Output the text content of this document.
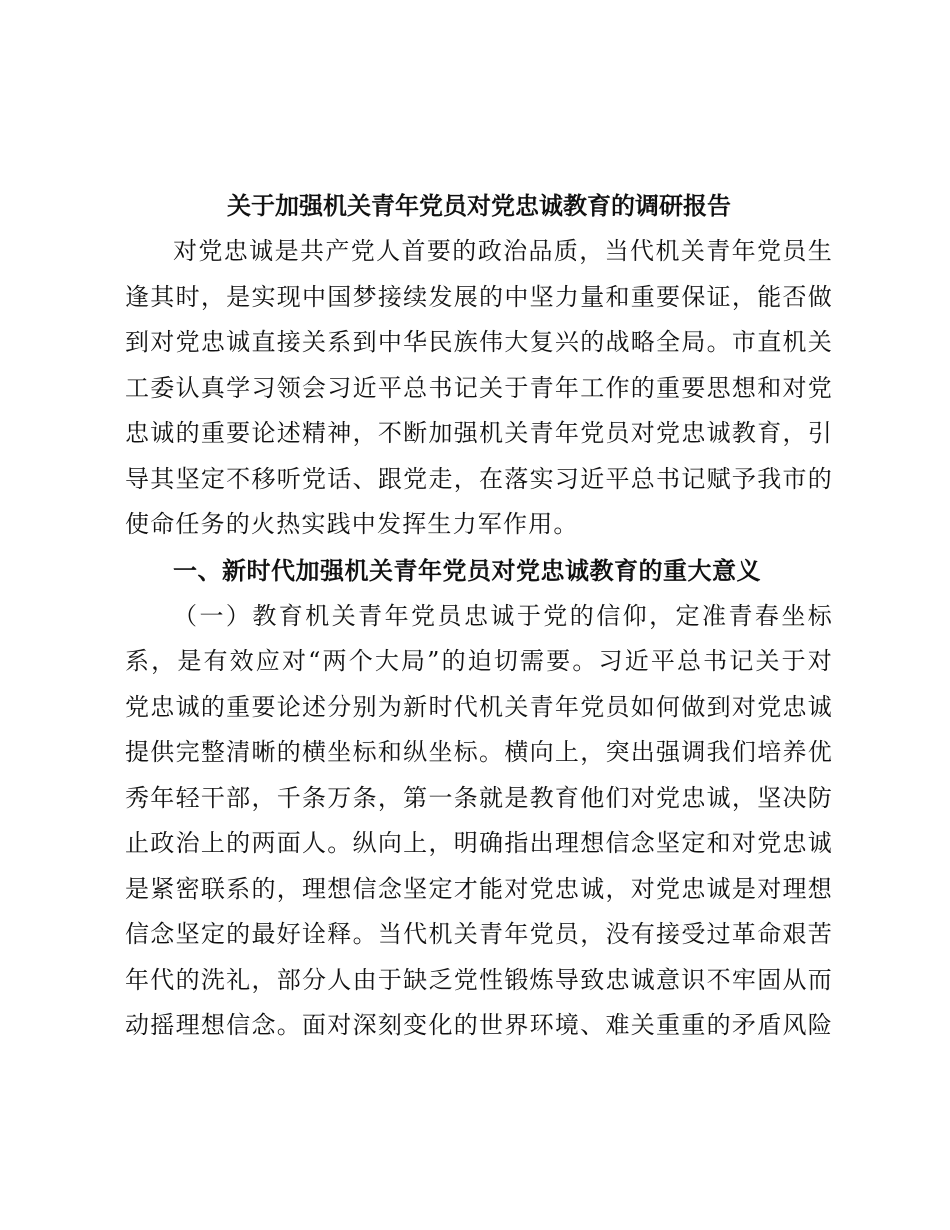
关于加强机关青年党员对党忠诚教育的调研报告
对党忠诚是共产党人首要的政治品质，当代机关青年党员生
逢其时，是实现中国梦接续发展的中坚力量和重要保证，能否做
到对党忠诚直接关系到中华民族伟大复兴的战略全局。市直机关
工委认真学习领会习近平总书记关于青年工作的重要思想和对党
忠诚的重要论述精神，不断加强机关青年党员对党忠诚教育，引
导其坚定不移听党话、跟党走，在落实习近平总书记赋予我市的
使命任务的火热实践中发挥生力军作用。
一、新时代加强机关青年党员对党忠诚教育的重大意义
（一）教育机关青年党员忠诚于党的信仰，定准青春坐标
系，是有效应对“两个大局”的迫切需要。习近平总书记关于对
党忠诚的重要论述分别为新时代机关青年党员如何做到对党忠诚
提供完整清晰的横坐标和纵坐标。横向上，突出强调我们培养优
秀年轻干部，千条万条，第一条就是教育他们对党忠诚，坚决防
止政治上的两面人。纵向上，明确指出理想信念坚定和对党忠诚
是紧密联系的，理想信念坚定才能对党忠诚，对党忠诚是对理想
信念坚定的最好诠释。当代机关青年党员，没有接受过革命艰苦
年代的洗礼，部分人由于缺乏党性锻炼导致忠诚意识不牢固从而
动摇理想信念。面对深刻变化的世界环境、难关重重的矛盾风险
